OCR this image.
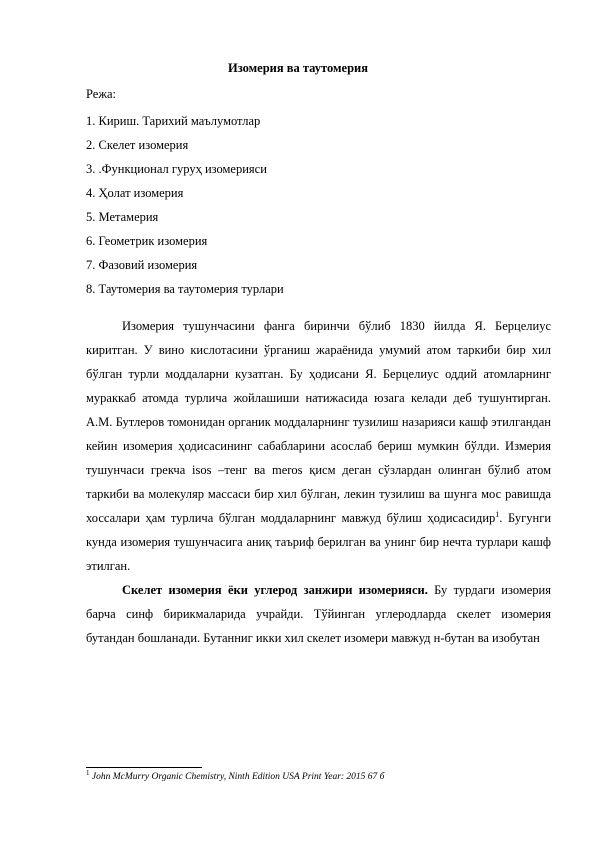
Изомерия ва таутомерия
Режа:
1. Кириш. Тарихий маълумотлар
2. Скелет изомерия
3. .Функционал гуруҳ изомерияси
4. Ҳолат изомерия
5. Метамерия
6. Геометрик изомерия
7. Фазовий изомерия
8. Таутомерия ва таутомерия турлари

Изомерия тушунчасини фанга биринчи бўлиб 1830 йилда Я. Берцелиус киритган. У вино кислотасини ўрганиш жараёнида умумий атом таркиби бир хил бўлган турли моддаларни кузатган. Бу ҳодисани Я. Берцелиус оддий атомларнинг мураккаб атомда турлича жойлашиши натижасида юзага келади деб тушунтирган. А.М. Бутлеров томонидан органик моддаларнинг тузилиш назарияси кашф этилгандан кейин изомерия ҳодисасининг сабабларини асослаб бериш мумкин бўлди. Измерия тушунчаси грекча isos –тенг ва meros қисм деган сўзлардан олинган бўлиб атом таркиби ва молекуляр массаси бир хил бўлган, лекин тузилиш ва шунга мос равишда хоссалари ҳам турлича бўлган моддаларнинг мавжуд бўлиш ҳодисасидир$^1$. Бугунги кунда изомерия тушунчасига аниқ таъриф берилган ва унинг бир нечта турлари кашф этилган.

Скелет изомерия ёки углерод занжири изомерияси. Бу турдаги изомерия барча синф бирикмаларида учрайди. Тўйинган углеродларда скелет изомерия бутандан бошланади. Бутанниг икки хил скелет изомери мавжуд н-бутан ва изобутан

$^1$ John McMurry Organic Chemistry, Ninth Edition USA Print Year: 2015 67 б
